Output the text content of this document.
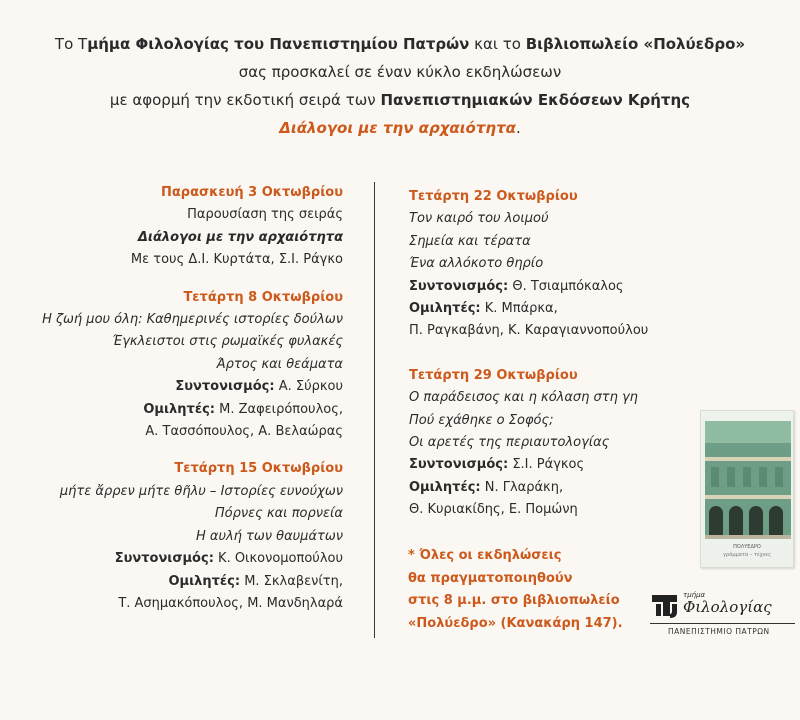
Το Τμήμα Φιλολογίας του Πανεπιστημίου Πατρών και το Βιβλιοπωλείο «Πολύεδρο»
σας προσκαλεί σε έναν κύκλο εκδηλώσεων
με αφορμή την εκδοτική σειρά των Πανεπιστημιακών Εκδόσεων Κρήτης
Διάλογοι με την αρχαιότητα.
Παρασκευή 3 Οκτωβρίου
Παρουσίαση της σειράς
Διάλογοι με την αρχαιότητα
Με τους Δ.Ι. Κυρτάτα, Σ.Ι. Ράγκο
Τετάρτη 8 Οκτωβρίου
Η ζωή μου όλη: Καθημερινές ιστορίες δούλων
Έγκλειστοι στις ρωμαϊκές φυλακές
Άρτος και θεάματα
Συντονισμός: Α. Σύρκου
Ομιλητές: Μ. Ζαφειρόπουλος,
Α. Τασσόπουλος, Α. Βελαώρας
Τετάρτη 15 Οκτωβρίου
μήτε ἄρρεν μήτε θῆλυ – Ιστορίες ευνούχων
Πόρνες και πορνεία
Η αυλή των θαυμάτων
Συντονισμός: Κ. Οικονομοπούλου
Ομιλητές: Μ. Σκλαβενίτη,
Τ. Ασημακόπουλος, Μ. Μανδηλαρά
Τετάρτη 22 Οκτωβρίου
Τον καιρό του λοιμού
Σημεία και τέρατα
Ένα αλλόκοτο θηρίο
Συντονισμός: Θ. Τσιαμπόκαλος
Ομιλητές: Κ. Μπάρκα,
Π. Ραγκαβάνη, Κ. Καραγιαννοπούλου
Τετάρτη 29 Οκτωβρίου
Ο παράδεισος και η κόλαση στη γη
Πού εχάθηκε ο Σοφός;
Οι αρετές της περιαυτολογίας
Συντονισμός: Σ.Ι. Ράγκος
Ομιλητές: Ν. Γλαράκη,
Θ. Κυριακίδης, Ε. Πομώνη
* Όλες οι εκδηλώσεις
θα πραγματοποιηθούν
στις 8 μ.μ. στο βιβλιοπωλείο
«Πολύεδρο» (Κανακάρη 147).
ΠΟΛΥΕΔΡΟ
γράμματα – τέχνες
τμήμα
Φιλολογίας
ΠΑΝΕΠΙΣΤΗΜΙΟ ΠΑΤΡΩΝ
